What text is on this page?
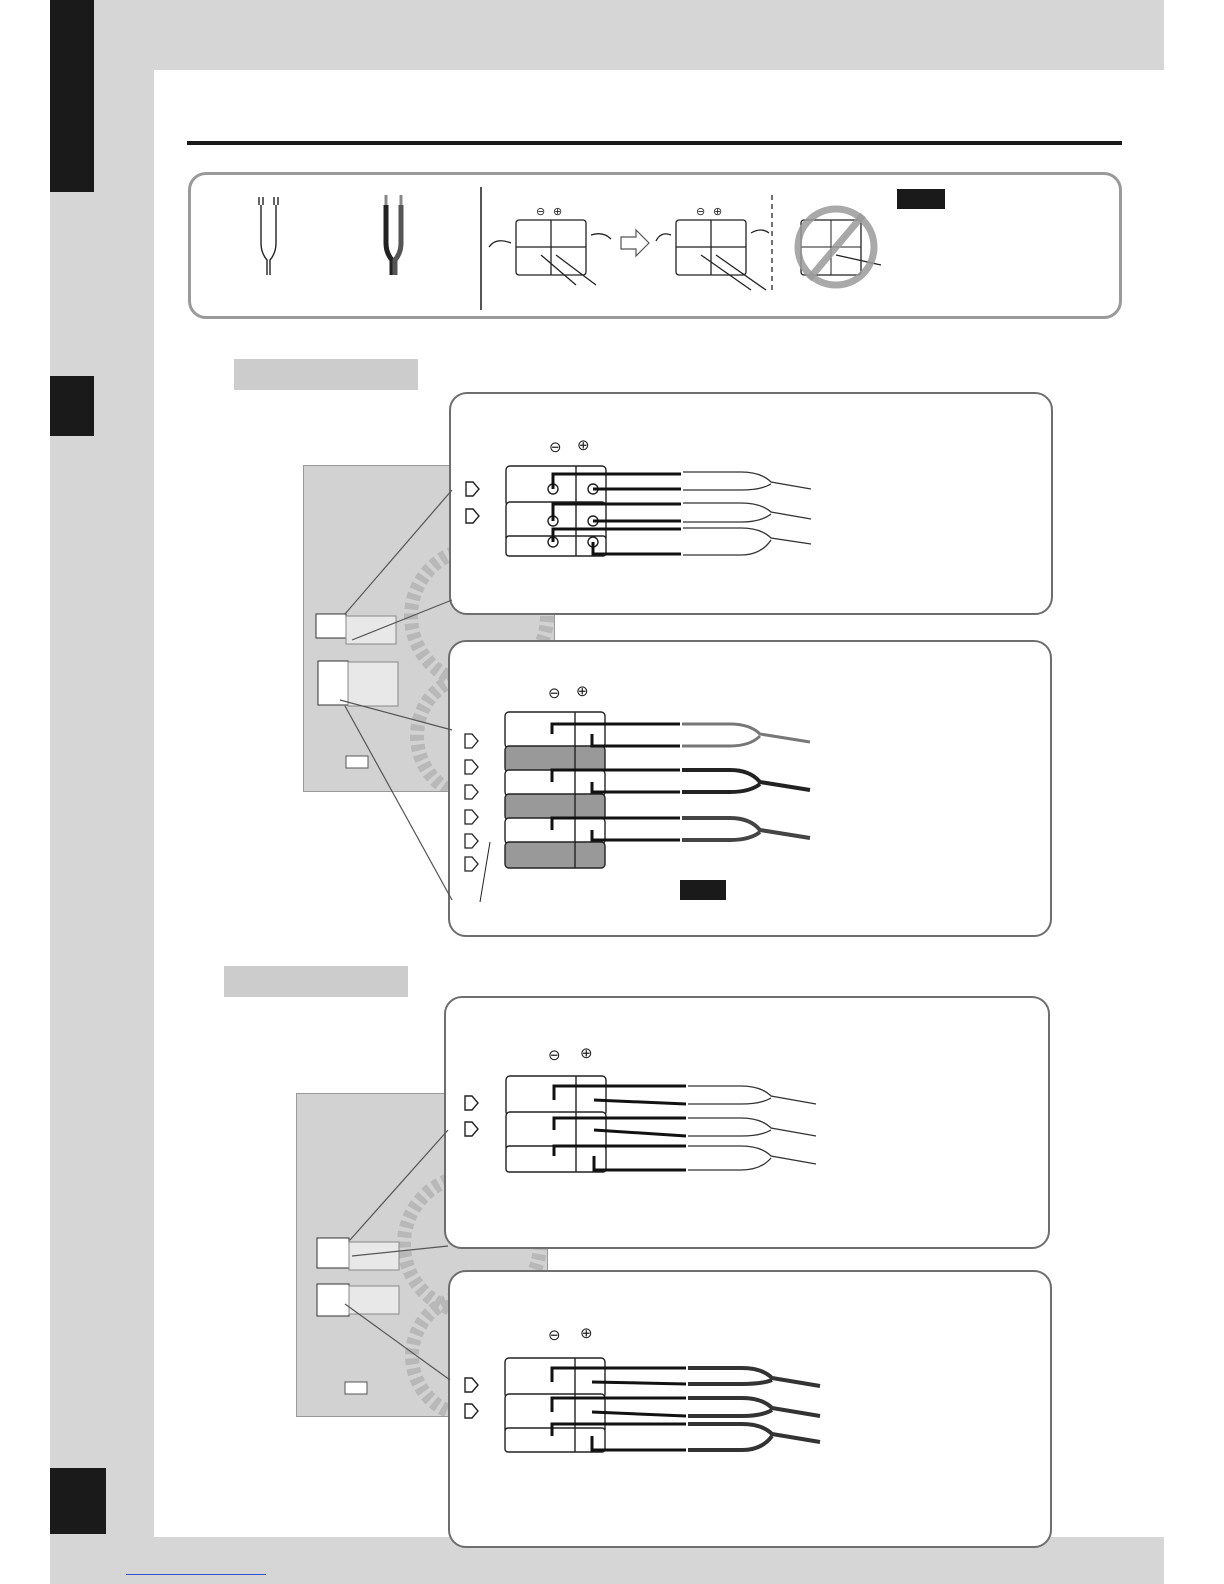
⊖ ⊕	⊖ ⊕
⊖ ⊕
⊖ ⊕
⊖ ⊕
⊖ ⊕
